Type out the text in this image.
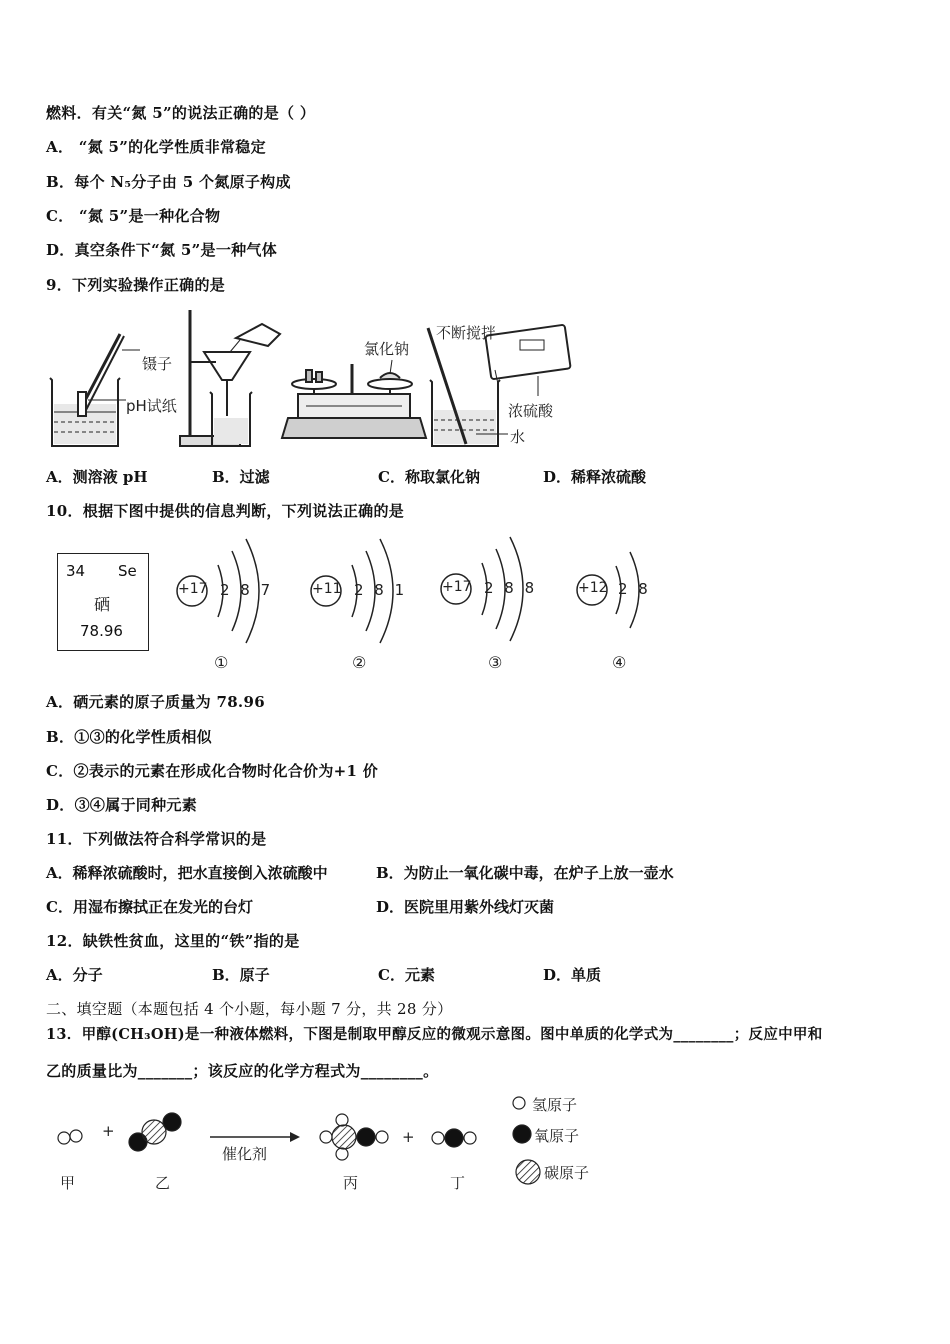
燃料．有关“氮 5”的说法正确的是（ ）
A． “氮 5”的化学性质非常稳定
B．每个 N₅分子由 5 个氮原子构成
C． “氮 5”是一种化合物
D．真空条件下“氮 5”是一种气体
9．下列实验操作正确的是
镊子
pH试纸
氯化钠
不断搅拌
浓硫酸
水
A．测溶液 pH	B．过滤	C．称取氯化钠	D．稀释浓硫酸
10．根据下图中提供的信息判断，下列说法正确的是
34 Se
硒
78.96
+17 2 8 7
①
+11 2 8 1
②
+17 2 8 8
③
+12 2 8
④
A．硒元素的原子质量为 78.96
B．①③的化学性质相似
C．②表示的元素在形成化合物时化合价为+1 价
D．③④属于同种元素
11．下列做法符合科学常识的是
A．稀释浓硫酸时，把水直接倒入浓硫酸中	B．为防止一氧化碳中毒，在炉子上放一壶水
C．用湿布擦拭正在发光的台灯	D．医院里用紫外线灯灭菌
12．缺铁性贫血，这里的“铁”指的是
A．分子	B．原子	C．元素	D．单质
二、填空题（本题包括 4 个小题，每小题 7 分，共 28 分）
13．甲醇(CH₃OH)是一种液体燃料，下图是制取甲醇反应的微观示意图。图中单质的化学式为________；反应中甲和
乙的质量比为_______；该反应的化学方程式为________。
+	+
催化剂
甲	乙	丙	丁
氢原子
氧原子
碳原子
